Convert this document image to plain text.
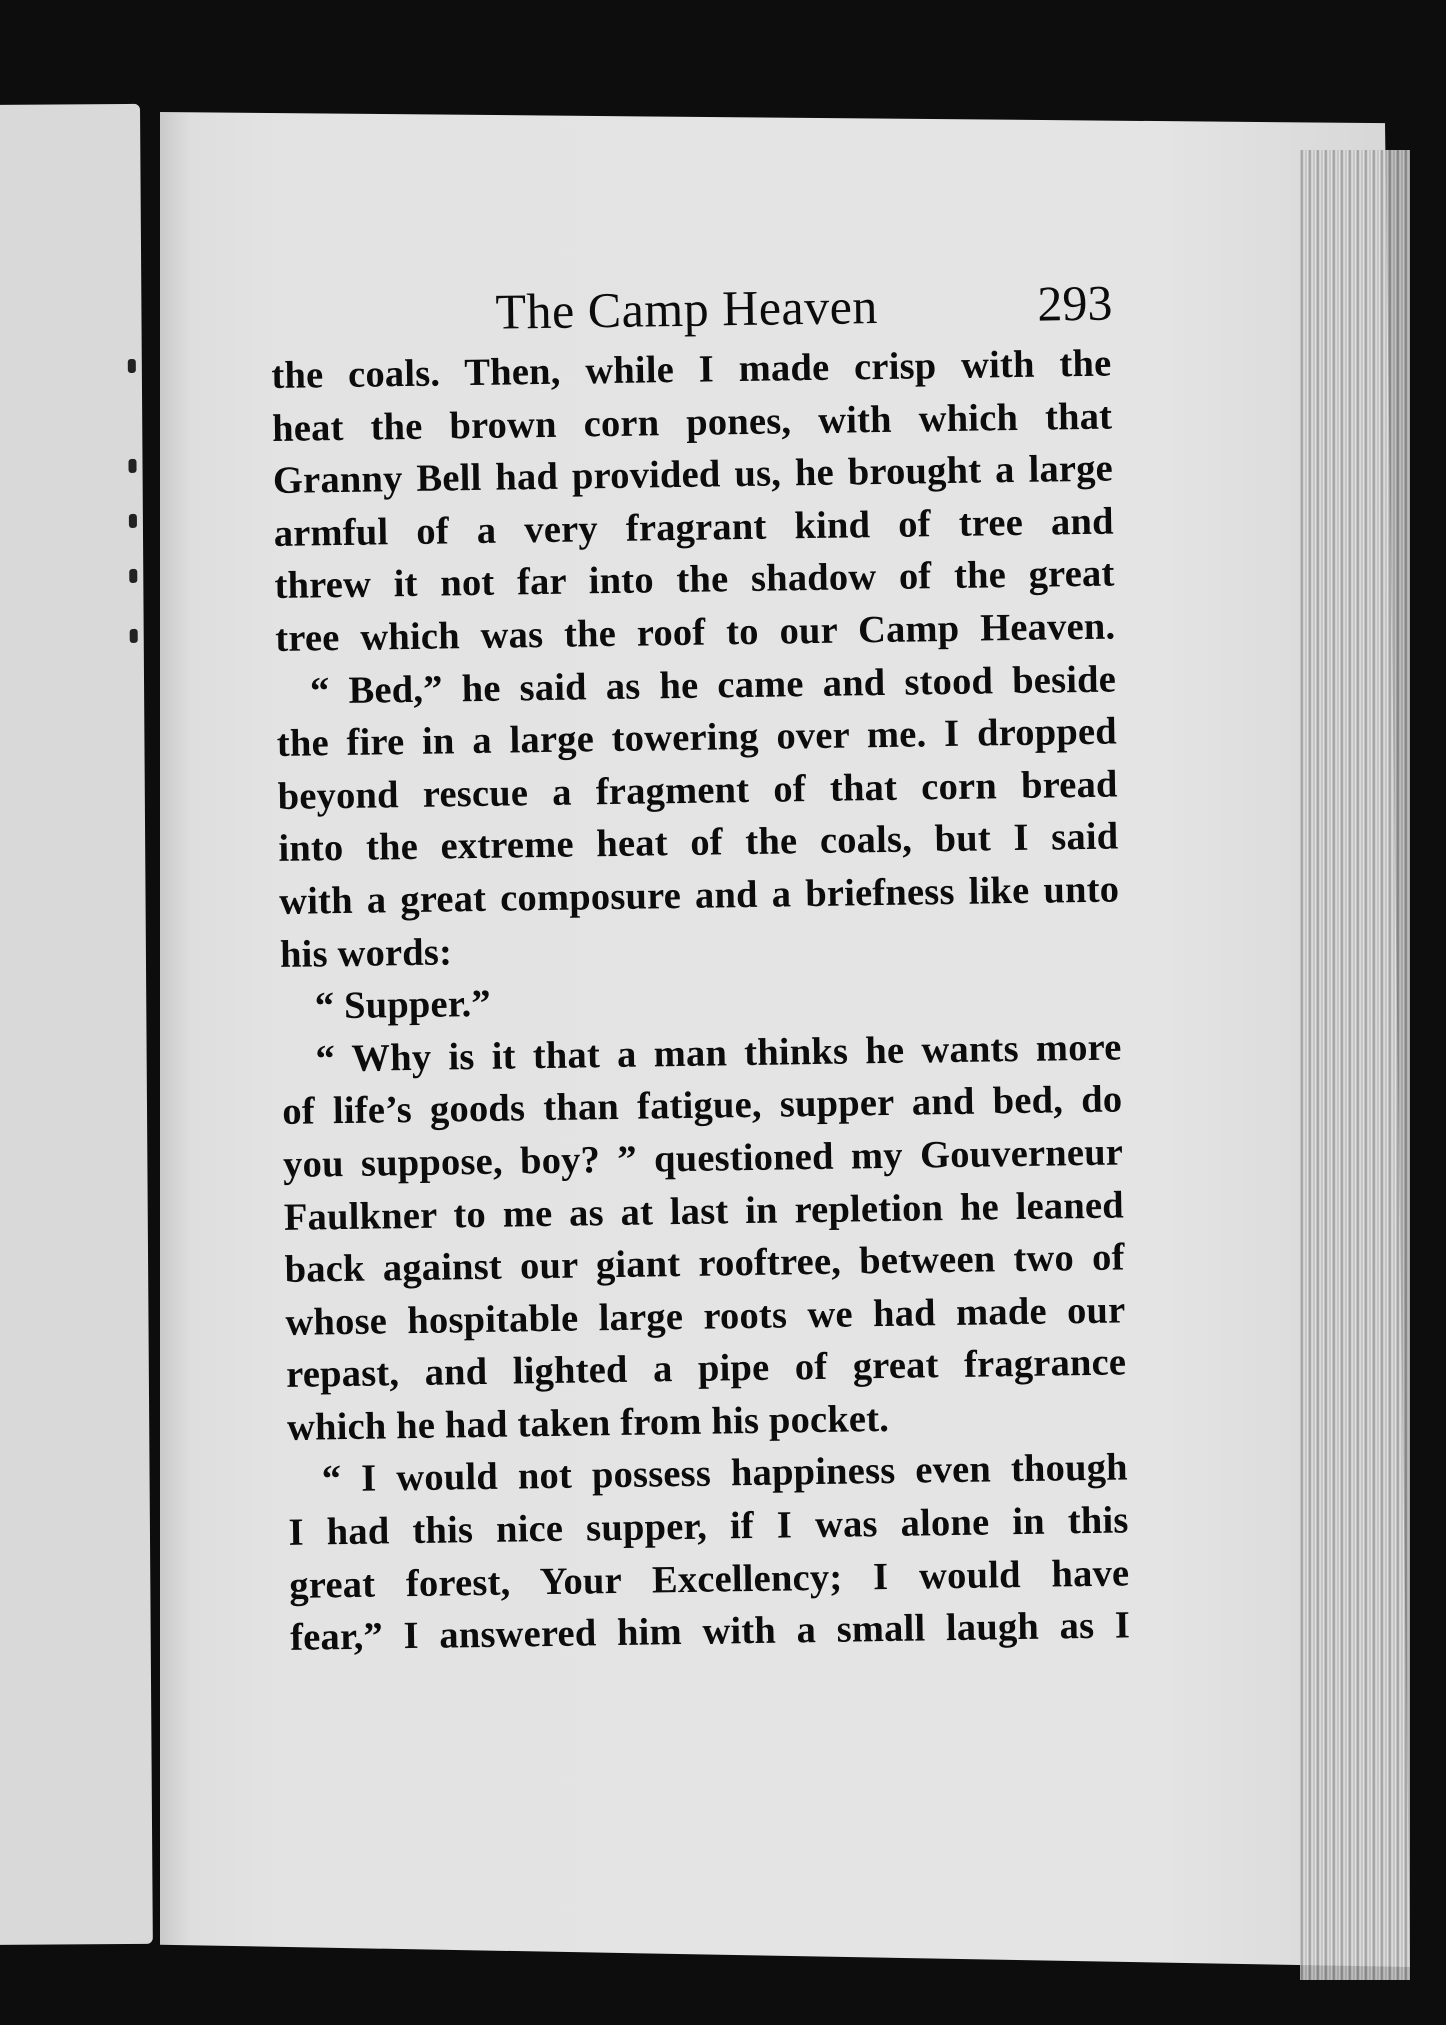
The Camp Heaven	293
the coals. Then, while I made crisp with the
heat the brown corn pones, with which that
Granny Bell had provided us, he brought a large
armful of a very fragrant kind of tree and
threw it not far into the shadow of the great
tree which was the roof to our Camp Heaven.
“ Bed,” he said as he came and stood beside
the fire in a large towering over me. I dropped
beyond rescue a fragment of that corn bread
into the extreme heat of the coals, but I said
with a great composure and a briefness like unto
his words:
“ Supper.”
“ Why is it that a man thinks he wants more
of life’s goods than fatigue, supper and bed, do
you suppose, boy? ” questioned my Gouverneur
Faulkner to me as at last in repletion he leaned
back against our giant rooftree, between two of
whose hospitable large roots we had made our
repast, and lighted a pipe of great fragrance
which he had taken from his pocket.
“ I would not possess happiness even though
I had this nice supper, if I was alone in this
great forest, Your Excellency; I would have
fear,” I answered him with a small laugh as I
